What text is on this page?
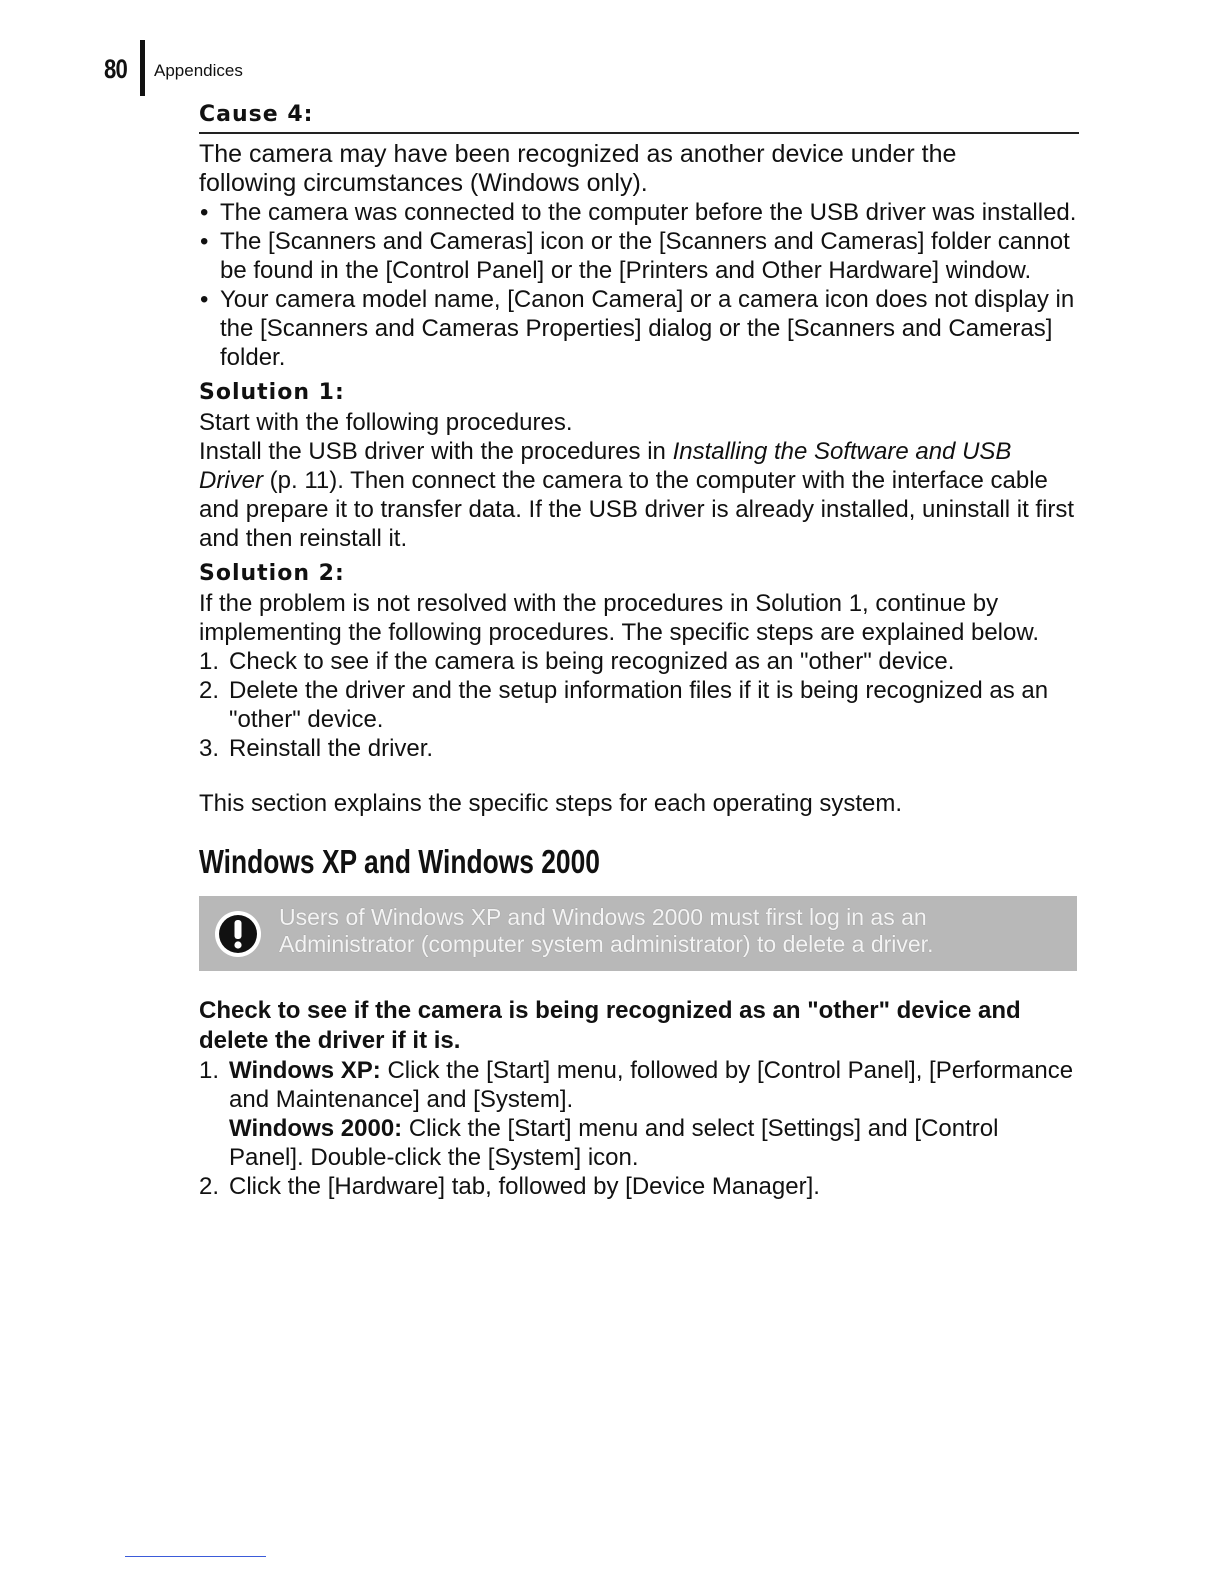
80 Appendices
Cause 4:

The camera may have been recognized as another device under the

following circumstances (Windows only).

• The camera was connected to the computer before the USB driver was installed.
• The [Scanners and Cameras] icon or the [Scanners and Cameras] folder cannot be found in the [Control Panel] or the [Printers and Other Hardware] window.
• Your camera model name, [Canon Camera] or a camera icon does not display in the [Scanners and Cameras Properties] dialog or the [Scanners and Cameras] folder.
Solution 1:

Start with the following procedures.

Install the USB driver with the procedures in Installing the Software and USB Driver (p. 11). Then connect the camera to the computer with the interface cable and prepare it to transfer data. If the USB driver is already installed, uninstall it first and then reinstall it.

Solution 2:

If the problem is not resolved with the procedures in Solution 1, continue by implementing the following procedures. The specific steps are explained below.

1. Check to see if the camera is being recognized as an "other" device.
2. Delete the driver and the setup information files if it is being recognized as an "other" device.
3. Reinstall the driver.

This section explains the specific steps for each operating system.

Windows XP and Windows 2000
Users of Windows XP and Windows 2000 must first log in as an
Administrator (computer system administrator) to delete a driver.
Check to see if the camera is being recognized as an "other" device and delete the driver if it is.
1. Windows XP: Click the [Start] menu, followed by [Control Panel], [Performance and Maintenance] and [System].
Windows 2000: Click the [Start] menu and select [Settings] and [Control Panel]. Double-click the [System] icon.
2. Click the [Hardware] tab, followed by [Device Manager].
